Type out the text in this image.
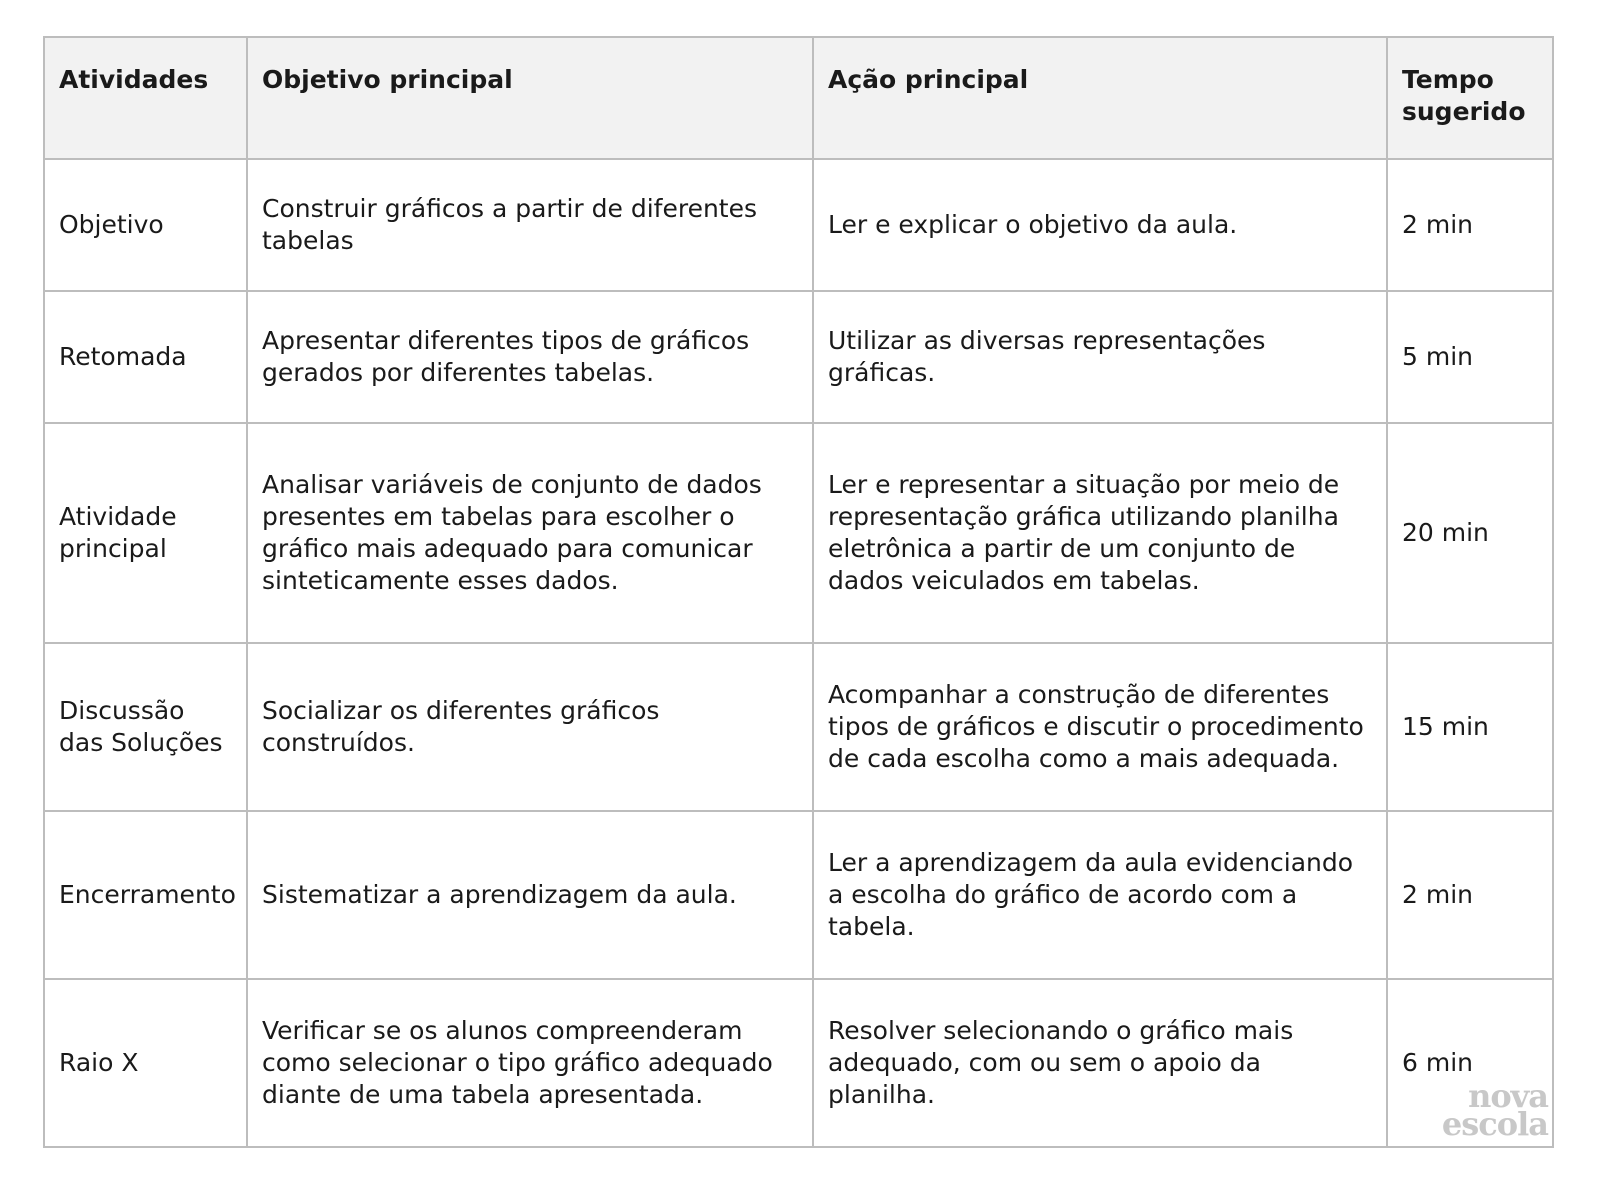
Atividades	Objetivo principal	Ação principal	Tempo sugerido
Objetivo	Construir gráficos a partir de diferentes tabelas	Ler e explicar o objetivo da aula.	2 min
Retomada	Apresentar diferentes tipos de gráficos gerados por diferentes tabelas.	Utilizar as diversas representações gráficas.	5 min
Atividade principal	Analisar variáveis de conjunto de dados presentes em tabelas para escolher o gráfico mais adequado para comunicar sinteticamente esses dados.	Ler e representar a situação por meio de representação gráfica utilizando planilha eletrônica a partir de um conjunto de dados veiculados em tabelas.	20 min
Discussão das Soluções	Socializar os diferentes gráficos construídos.	Acompanhar a construção de diferentes tipos de gráficos e discutir o procedimento de cada escolha como a mais adequada.	15 min
Encerramento	Sistematizar a aprendizagem da aula.	Ler a aprendizagem da aula evidenciando a escolha do gráfico de acordo com a tabela.	2 min
Raio X	Verificar se os alunos compreenderam como selecionar o tipo gráfico adequado diante de uma tabela apresentada.	Resolver selecionando o gráfico mais adequado, com ou sem o apoio da planilha.	6 min
nova
escola
